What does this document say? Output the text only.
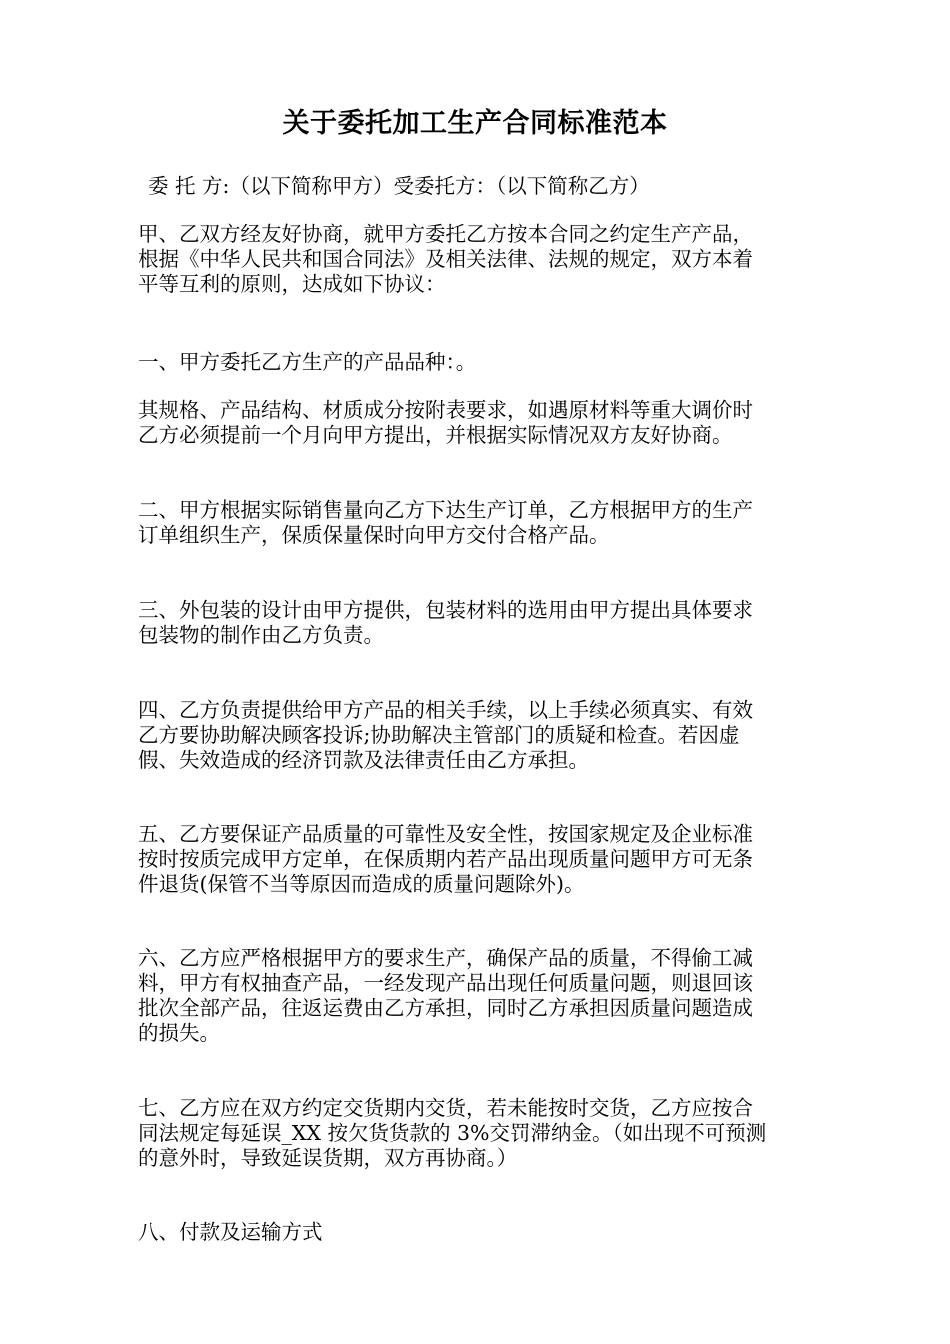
关于委托加工生产合同标准范本
委 托 方:（以下简称甲方）受委托方：（以下简称乙方）
甲、乙双方经友好协商，就甲方委托乙方按本合同之约定生产产品，
根据《中华人民共和国合同法》及相关法律、法规的规定，双方本着
平等互利的原则，达成如下协议：
一、甲方委托乙方生产的产品品种：。
其规格、产品结构、材质成分按附表要求，如遇原材料等重大调价时
乙方必须提前一个月向甲方提出，并根据实际情况双方友好协商。
二、甲方根据实际销售量向乙方下达生产订单，乙方根据甲方的生产
订单组织生产，保质保量保时向甲方交付合格产品。
三、外包装的设计由甲方提供，包装材料的选用由甲方提出具体要求
包装物的制作由乙方负责。
四、乙方负责提供给甲方产品的相关手续，以上手续必须真实、有效
乙方要协助解决顾客投诉;协助解决主管部门的质疑和检查。若因虚
假、失效造成的经济罚款及法律责任由乙方承担。
五、乙方要保证产品质量的可靠性及安全性，按国家规定及企业标准
按时按质完成甲方定单，在保质期内若产品出现质量问题甲方可无条
件退货(保管不当等原因而造成的质量问题除外)。
六、乙方应严格根据甲方的要求生产，确保产品的质量，不得偷工减
料，甲方有权抽查产品，一经发现产品出现任何质量问题，则退回该
批次全部产品，往返运费由乙方承担，同时乙方承担因质量问题造成
的损失。
七、乙方应在双方约定交货期内交货，若未能按时交货，乙方应按合
同法规定每延误_XX 按欠货货款的 3%交罚滞纳金。（如出现不可预测
的意外时，导致延误货期，双方再协商。）
八、付款及运输方式
